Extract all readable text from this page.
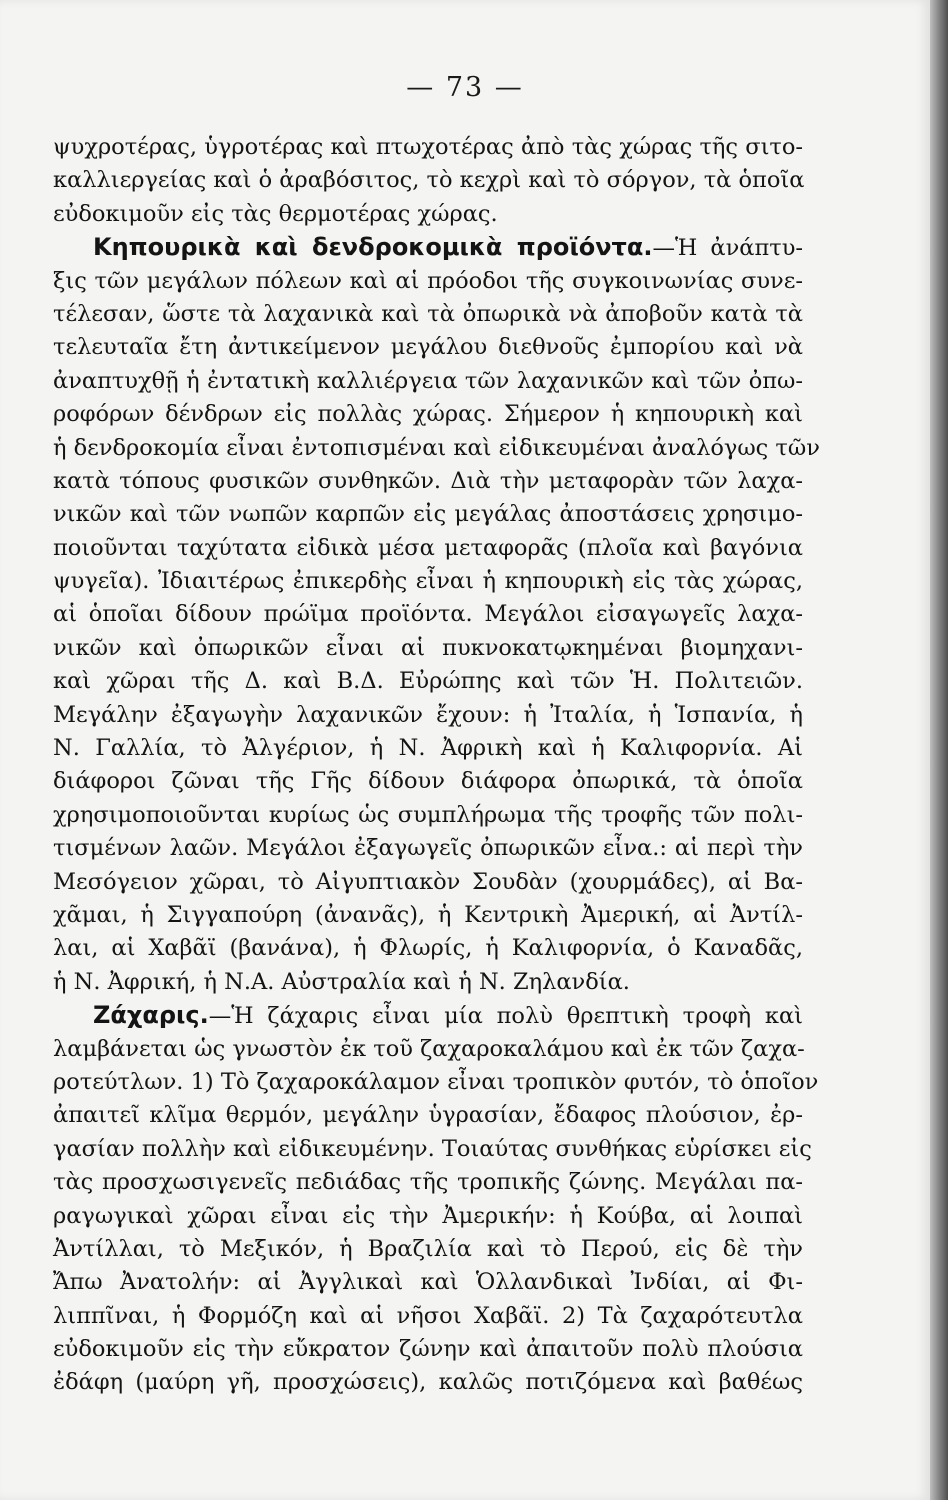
— 73 —
ψυχροτέρας, ὑγροτέρας καὶ πτωχοτέρας ἀπὸ τὰς χώρας τῆς σιτο-
καλλιεργείας καὶ ὁ ἀραβόσιτος, τὸ κεχρὶ καὶ τὸ σόργον, τὰ ὁποῖα
εὐδοκιμοῦν εἰς τὰς θερμοτέρας χώρας.
Κηπουρικὰ καὶ δενδροκομικὰ προϊόντα.—Ἡ ἀνάπτυ-
ξις τῶν μεγάλων πόλεων καὶ αἱ πρόοδοι τῆς συγκοινωνίας συνε-
τέλεσαν, ὥστε τὰ λαχανικὰ καὶ τὰ ὀπωρικὰ νὰ ἀποβοῦν κατὰ τὰ
τελευταῖα ἔτη ἀντικείμενον μεγάλου διεθνοῦς ἐμπορίου καὶ νὰ
ἀναπτυχθῇ ἡ ἐντατικὴ καλλιέργεια τῶν λαχανικῶν καὶ τῶν ὀπω-
ροφόρων δένδρων εἰς πολλὰς χώρας. Σήμερον ἡ κηπουρικὴ καὶ
ἡ δενδροκομία εἶναι ἐντοπισμέναι καὶ εἰδικευμέναι ἀναλόγως τῶν
κατὰ τόπους φυσικῶν συνθηκῶν. Διὰ τὴν μεταφορὰν τῶν λαχα-
νικῶν καὶ τῶν νωπῶν καρπῶν εἰς μεγάλας ἀποστάσεις χρησιμο-
ποιοῦνται ταχύτατα εἰδικὰ μέσα μεταφορᾶς (πλοῖα καὶ βαγόνια
ψυγεῖα). Ἰδιαιτέρως ἐπικερδὴς εἶναι ἡ κηπουρικὴ εἰς τὰς χώρας,
αἱ ὁποῖαι δίδουν πρώϊμα προϊόντα. Μεγάλοι εἰσαγωγεῖς λαχα-
νικῶν καὶ ὀπωρικῶν εἶναι αἱ πυκνοκατῳκημέναι βιομηχανι-
καὶ χῶραι τῆς Δ. καὶ Β.Δ. Εὐρώπης καὶ τῶν Ἡ. Πολιτειῶν.
Μεγάλην ἐξαγωγὴν λαχανικῶν ἔχουν: ἡ Ἰταλία, ἡ Ἱσπανία, ἡ
Ν. Γαλλία, τὸ Ἀλγέριον, ἡ Ν. Ἀφρικὴ καὶ ἡ Καλιφορνία. Αἱ
διάφοροι ζῶναι τῆς Γῆς δίδουν διάφορα ὀπωρικά, τὰ ὁποῖα
χρησιμοποιοῦνται κυρίως ὡς συμπλήρωμα τῆς τροφῆς τῶν πολι-
τισμένων λαῶν. Μεγάλοι ἐξαγωγεῖς ὀπωρικῶν εἶνα.: αἱ περὶ τὴν
Μεσόγειον χῶραι, τὸ Αἰγυπτιακὸν Σουδὰν (χουρμάδες), αἱ Βα-
χᾶμαι, ἡ Σιγγαπούρη (ἀνανᾶς), ἡ Κεντρικὴ Ἀμερική, αἱ Ἀντίλ-
λαι, αἱ Χαβᾶϊ (βανάνα), ἡ Φλωρίς, ἡ Καλιφορνία, ὁ Καναδᾶς,
ἡ Ν. Ἀφρική, ἡ Ν.Α. Αὐστραλία καὶ ἡ Ν. Ζηλανδία.
Ζάχαρις.—Ἡ ζάχαρις εἶναι μία πολὺ θρεπτικὴ τροφὴ καὶ
λαμβάνεται ὡς γνωστὸν ἐκ τοῦ ζαχαροκαλάμου καὶ ἐκ τῶν ζαχα-
ροτεύτλων. 1) Τὸ ζαχαροκάλαμον εἶναι τροπικὸν φυτόν, τὸ ὁποῖον
ἀπαιτεῖ κλῖμα θερμόν, μεγάλην ὑγρασίαν, ἔδαφος πλούσιον, ἐρ-
γασίαν πολλὴν καὶ εἰδικευμένην. Τοιαύτας συνθήκας εὑρίσκει εἰς
τὰς προσχωσιγενεῖς πεδιάδας τῆς τροπικῆς ζώνης. Μεγάλαι πα-
ραγωγικαὶ χῶραι εἶναι εἰς τὴν Ἀμερικήν: ἡ Κούβα, αἱ λοιπαὶ
Ἀντίλλαι, τὸ Μεξικόν, ἡ Βραζιλία καὶ τὸ Περού, εἰς δὲ τὴν
Ἄπω Ἀνατολήν: αἱ Ἀγγλικαὶ καὶ Ὁλλανδικαὶ Ἰνδίαι, αἱ Φι-
λιππῖναι, ἡ Φορμόζη καὶ αἱ νῆσοι Χαβᾶϊ. 2) Τὰ ζαχαρότευτλα
εὐδοκιμοῦν εἰς τὴν εὔκρατον ζώνην καὶ ἀπαιτοῦν πολὺ πλούσια
ἐδάφη (μαύρη γῆ, προσχώσεις), καλῶς ποτιζόμενα καὶ βαθέως
